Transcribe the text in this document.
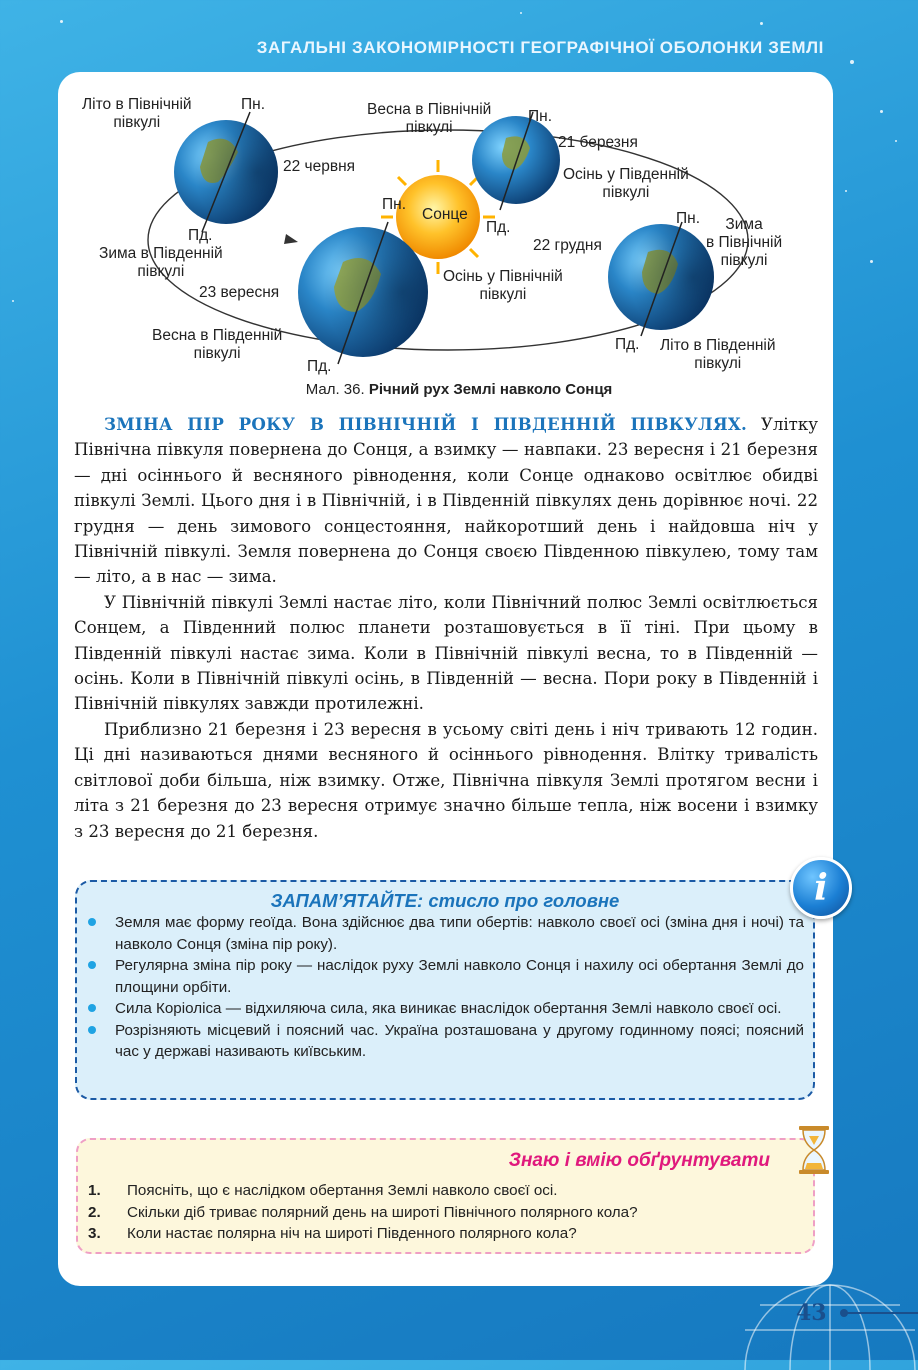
ЗАГАЛЬНІ ЗАКОНОМІРНОСТІ ГЕОГРАФІЧНОЇ ОБОЛОНКИ ЗЕМЛІ
Літо в Північній
півкулі
Пн.
22 червня
Пд.
Зима в Південній
півкулі
23 вересня
Весна в Південній
півкулі
Пд.
Весна в Північній
півкулі
Пн.
21 березня
Осінь у Південній
півкулі
Сонце
Пн.
Пд.
22 грудня
Осінь у Північній
півкулі
Пн.	Зима
в Північній
півкулі
Пд. Літо в Південній
півкулі
Мал. 36. Річний рух Землі навколо Сонця

ЗМІНА ПІР РОКУ В ПІВНІЧНІЙ І ПІВДЕННІЙ ПІВКУЛЯХ. Улітку Північна півкуля повернена до Сонця, а взимку — навпаки. 23 вересня і 21 березня — дні осіннього й весняного рівнодення, коли Сонце однаково освітлює обидві півкулі Землі. Цього дня і в Північній, і в Південній півкулях день дорівнює ночі. 22 грудня — день зимового сонцестояння, найкоротший день і найдовша ніч у Північній півкулі. Земля повернена до Сонця своєю Південною півкулею, тому там — літо, а в нас — зима.

У Північній півкулі Землі настає літо, коли Північний полюс Землі освітлюється Сонцем, а Південний полюс планети розташовується в її тіні. При цьому в Південній півкулі настає зима. Коли в Північній півкулі весна, то в Південній — осінь. Коли в Північній півкулі осінь, в Південній — весна. Пори року в Південній і Північній півкулях завжди протилежні.

Приблизно 21 березня і 23 вересня в усьому світі день і ніч тривають 12 годин. Ці дні називаються днями весняного й осіннього рівнодення. Влітку тривалість світлової доби більша, ніж взимку. Отже, Північна півкуля Землі протягом весни і літа з 21 березня до 23 вересня отримує значно більше тепла, ніж восени і взимку з 23 вересня до 21 березня.

ЗАПАМ’ЯТАЙТЕ: стисло про головне
Земля має форму геоїда. Вона здійснює два типи обертів: навколо своєї осі (зміна дня і ночі) та навколо Сонця (зміна пір року).
Регулярна зміна пір року — наслідок руху Землі навколо Сонця і нахилу осі обертання Землі до площини орбіти.
Сила Коріоліса — відхиляюча сила, яка виникає внаслідок обертання Землі навколо своєї осі.
Розрізняють місцевий і поясний час. Україна розташована у другому годинному поясі; поясний час у державі називають київським.
i
Знаю і вмію обґрунтувати
1. Поясніть, що є наслідком обертання Землі навколо своєї осі.
2. Скільки діб триває полярний день на широті Північного полярного кола?
3. Коли настає полярна ніч на широті Південного полярного кола?
43
